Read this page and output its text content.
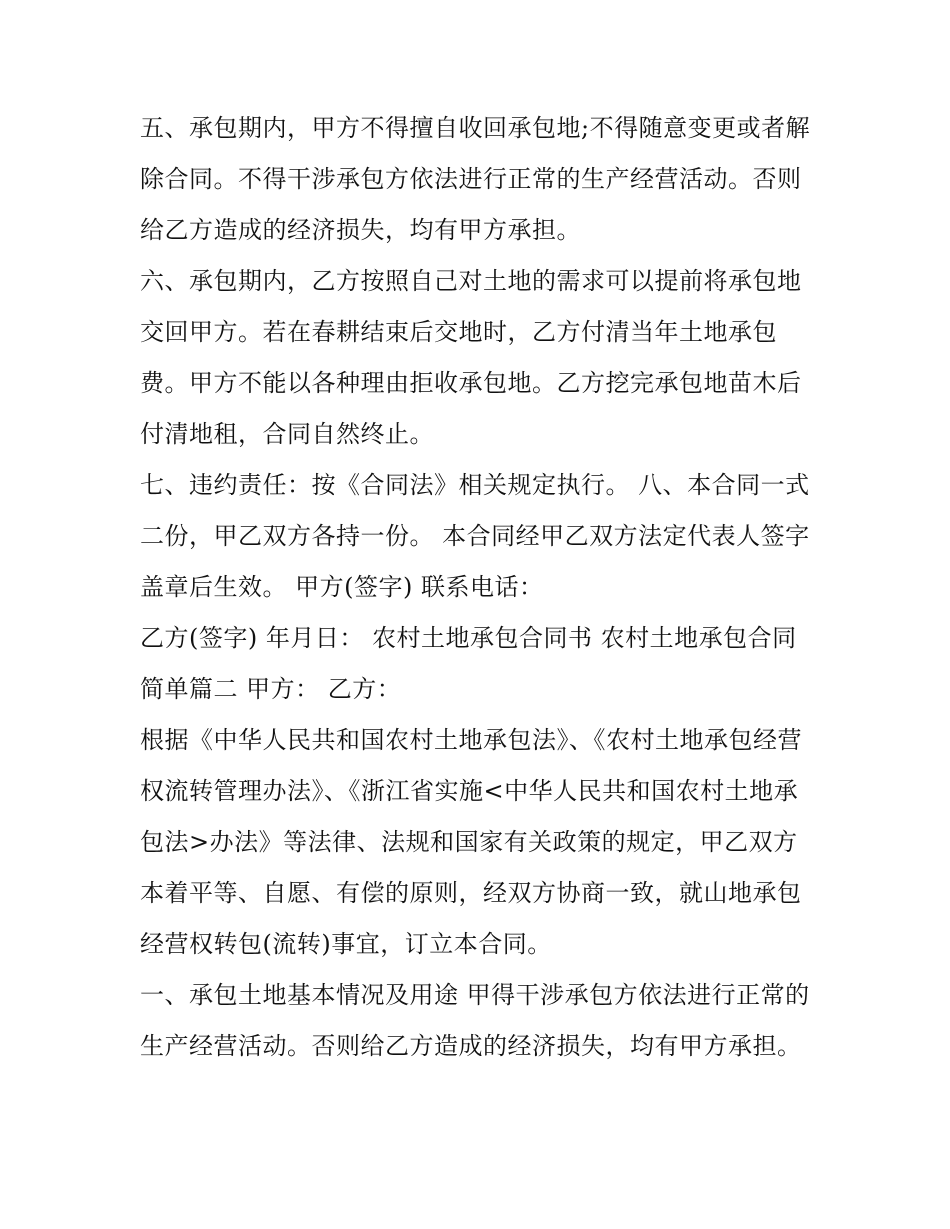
五、承包期内，甲方不得擅自收回承包地;不得随意变更或者解除合同。不得干涉承包方依法进行正常的生产经营活动。否则给乙方造成的经济损失，均有甲方承担。

六、承包期内，乙方按照自己对土地的需求可以提前将承包地交回甲方。若在春耕结束后交地时，乙方付清当年土地承包费。甲方不能以各种理由拒收承包地。乙方挖完承包地苗木后付清地租，合同自然终止。

七、违约责任：按《合同法》相关规定执行。 八、本合同一式二份，甲乙双方各持一份。 本合同经甲乙双方法定代表人签字盖章后生效。 甲方(签字) 联系电话：

乙方(签字) 年月日： 农村土地承包合同书 农村土地承包合同简单篇二 甲方： 乙方：

根据《中华人民共和国农村土地承包法》、《农村土地承包经营权流转管理办法》、《浙江省实施<中华人民共和国农村土地承包法>办法》等法律、法规和国家有关政策的规定，甲乙双方本着平等、自愿、有偿的原则，经双方协商一致，就山地承包经营权转包(流转)事宜，订立本合同。

一、承包土地基本情况及用途 甲得干涉承包方依法进行正常的生产经营活动。否则给乙方造成的经济损失，均有甲方承担。
